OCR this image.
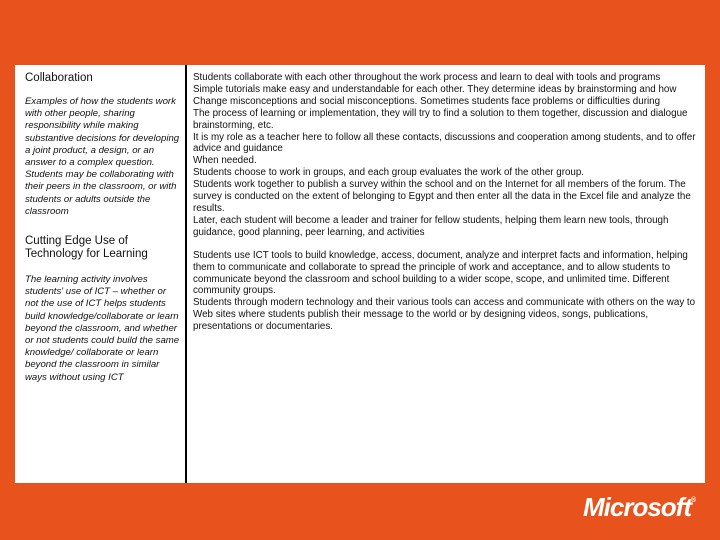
Collaboration

Examples of how the students work with other people, sharing responsibility while making substantive decisions for developing a joint product, a design, or an answer to a complex question. Students may be collaborating with their peers in the classroom, or with students or adults outside the classroom

Cutting Edge Use of Technology for Learning

The learning activity involves students' use of ICT – whether or not the use of ICT helps students build knowledge/collaborate or learn beyond the classroom, and whether or not students could build the same knowledge/ collaborate or learn beyond the classroom in similar ways without using ICT

Students collaborate with each other throughout the work process and learn to deal with tools and programs
Simple tutorials make easy and understandable for each other. They determine ideas by brainstorming and how
Change misconceptions and social misconceptions. Sometimes students face problems or difficulties during
The process of learning or implementation, they will try to find a solution to them together, discussion and dialogue brainstorming, etc.
It is my role as a teacher here to follow all these contacts, discussions and cooperation among students, and to offer advice and guidance
When needed.
Students choose to work in groups, and each group evaluates the work of the other group.
Students work together to publish a survey within the school and on the Internet for all members of the forum. The survey is conducted on the extent of belonging to Egypt and then enter all the data in the Excel file and analyze the results.
Later, each student will become a leader and trainer for fellow students, helping them learn new tools, through guidance, good planning, peer learning, and activities

Students use ICT tools to build knowledge, access, document, analyze and interpret facts and information, helping them to communicate and collaborate to spread the principle of work and acceptance, and to allow students to communicate beyond the classroom and school building to a wider scope, scope, and unlimited time. Different community groups.
Students through modern technology and their various tools can access and communicate with others on the way to Web sites where students publish their message to the world or by designing videos, songs, publications, presentations or documentaries.

Microsoft®
